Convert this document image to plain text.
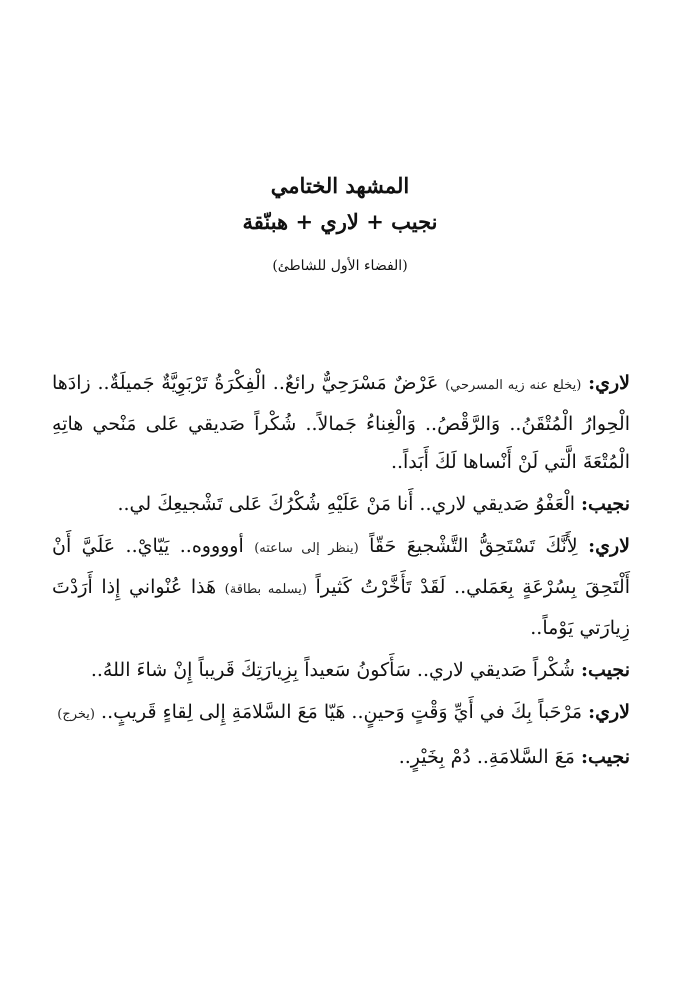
المشهد الختامي
نجيب + لاري + هبنّقة
(الفضاء الأول للشاطئ)

لاري: (يخلع عنه زيه المسرحي) عَرْضٌ مَسْرَحِيٌّ رائعٌ.. الْفِكْرَةُ تَرْبَوِيَّةٌ جَميلَةٌ.. زادَها الْحِوارُ الْمُتْقَنُ.. وَالرَّقْصُ.. وَالْغِناءُ جَمالاً.. شُكْراً صَديقي عَلى مَنْحي هاتِهِ الْمُتْعَةَ الَّتي لَنْ أَنْساها لَكَ أَبَداً..

نجيب: الْعَفْوُ صَديقي لاري.. أَنا مَنْ عَلَيْهِ شُكْرُكَ عَلى تَشْجيعِكَ لي..

لاري: لِأَنَّكَ تَسْتَحِقُّ التَّشْجيعَ حَقّاً (ينظر إلى ساعته) أووووه.. يَيّايْ.. عَلَيَّ أَنْ أَلْتَحِقَ بِسُرْعَةٍ بِعَمَلي.. لَقَدْ تَأَخَّرْتُ كَثيراً (يسلمه بطاقة) هَذا عُنْواني إِذا أَرَدْتَ زِيارَتي يَوْماً..

نجيب: شُكْراً صَديقي لاري.. سَأَكونُ سَعيداً بِزِيارَتِكَ قَريباً إِنْ شاءَ اللهُ..

لاري: مَرْحَباً بِكَ في أَيِّ وَقْتٍ وَحينٍ.. هَيّا مَعَ السَّلامَةِ إِلى لِقاءٍ قَريبٍ.. (يخرج)

نجيب: مَعَ السَّلامَةِ.. دُمْ بِخَيْرٍ..
